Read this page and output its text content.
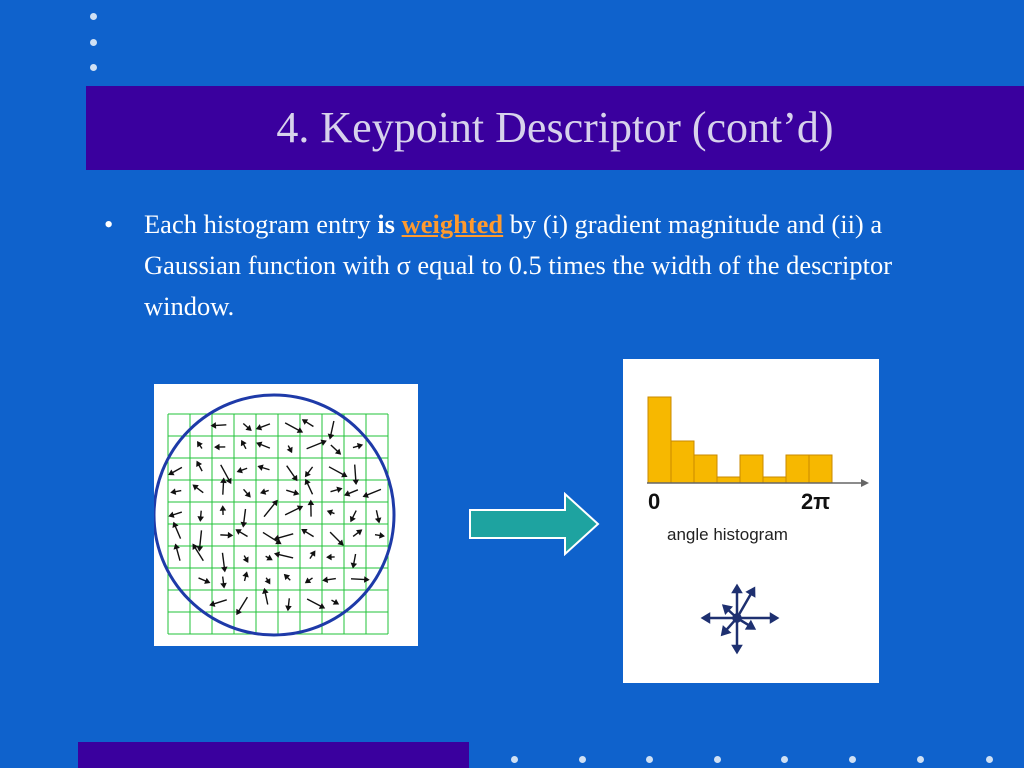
4. Keypoint Descriptor (cont’d)
• Each histogram entry is weighted by (i) gradient magnitude and (ii) a Gaussian function with σ equal to 0.5 times the width of the descriptor window.
0	2π
angle histogram
